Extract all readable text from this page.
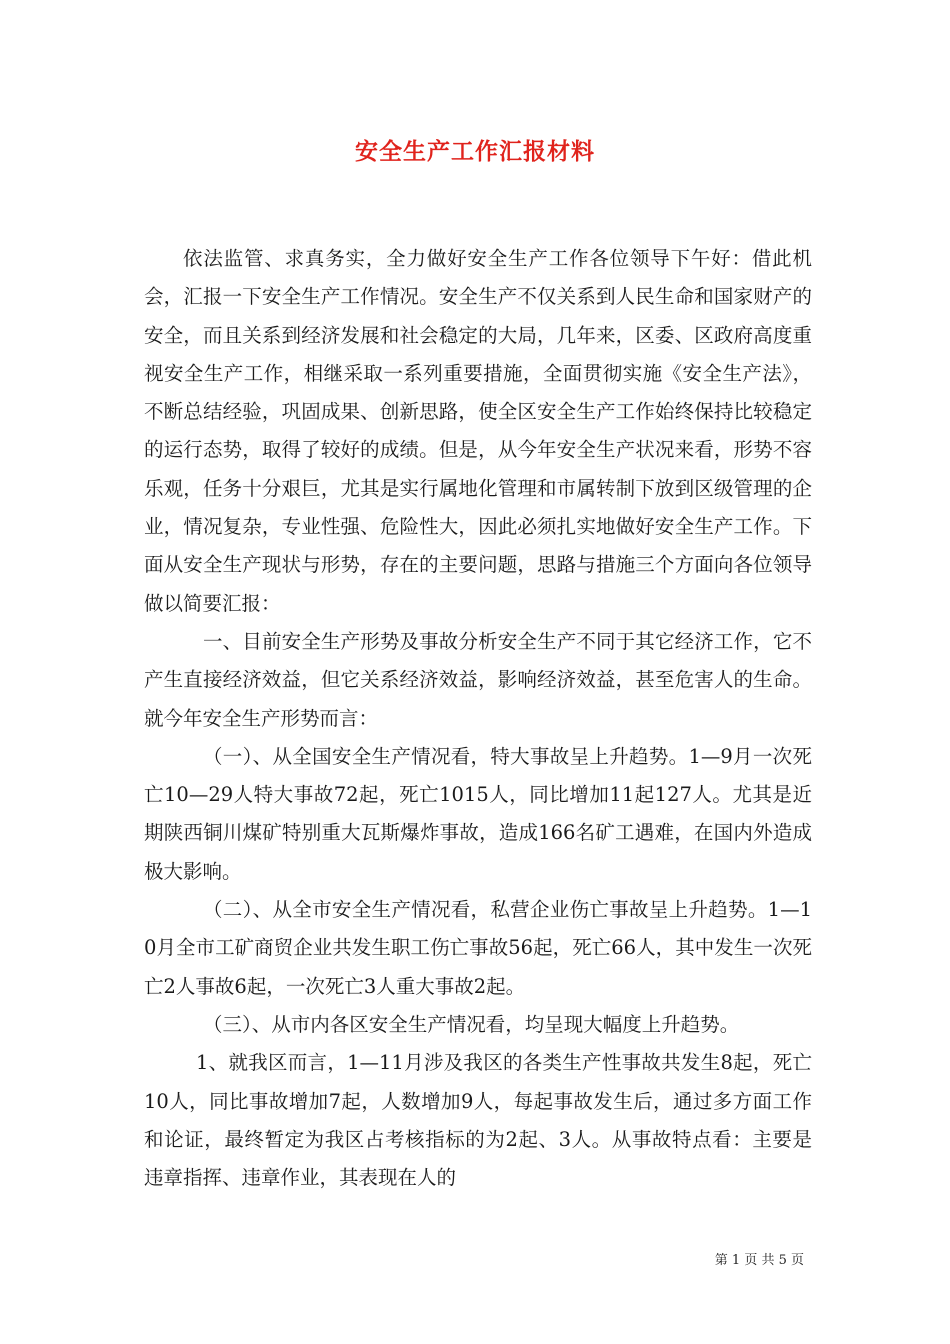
安全生产工作汇报材料

依法监管、求真务实，全力做好安全生产工作各位领导下午好：借此机会，汇报一下安全生产工作情况。安全生产不仅关系到人民生命和国家财产的安全，而且关系到经济发展和社会稳定的大局，几年来，区委、区政府高度重视安全生产工作，相继采取一系列重要措施，全面贯彻实施《安全生产法》，不断总结经验，巩固成果、创新思路，使全区安全生产工作始终保持比较稳定的运行态势，取得了较好的成绩。但是，从今年安全生产状况来看，形势不容乐观，任务十分艰巨，尤其是实行属地化管理和市属转制下放到区级管理的企业，情况复杂，专业性强、危险性大，因此必须扎实地做好安全生产工作。下面从安全生产现状与形势，存在的主要问题，思路与措施三个方面向各位领导做以简要汇报：

一、目前安全生产形势及事故分析安全生产不同于其它经济工作，它不产生直接经济效益，但它关系经济效益，影响经济效益，甚至危害人的生命。就今年安全生产形势而言：

（一）、从全国安全生产情况看，特大事故呈上升趋势。1—9月一次死亡10—29人特大事故72起，死亡1015人，同比增加11起127人。尤其是近期陕西铜川煤矿特别重大瓦斯爆炸事故，造成166名矿工遇难，在国内外造成极大影响。

（二）、从全市安全生产情况看，私营企业伤亡事故呈上升趋势。1—10月全市工矿商贸企业共发生职工伤亡事故56起，死亡66人，其中发生一次死亡2人事故6起，一次死亡3人重大事故2起。

（三）、从市内各区安全生产情况看，均呈现大幅度上升趋势。

1、就我区而言，1—11月涉及我区的各类生产性事故共发生8起，死亡10人，同比事故增加7起，人数增加9人，每起事故发生后，通过多方面工作和论证，最终暂定为我区占考核指标的为2起、3人。从事故特点看：主要是违章指挥、违章作业，其表现在人的

第 1 页 共 5 页
